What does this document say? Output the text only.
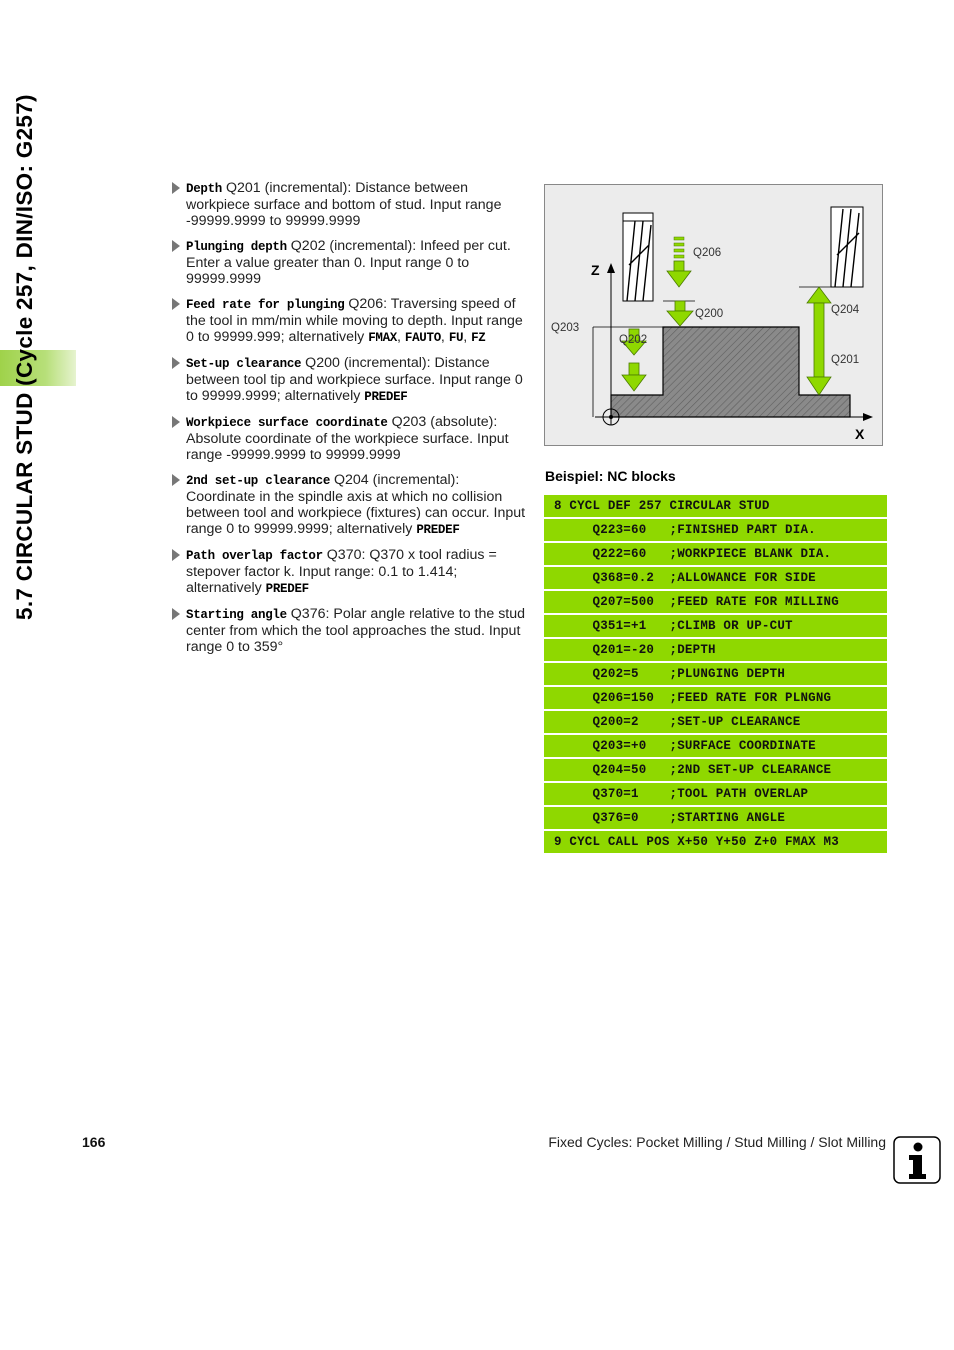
5.7 CIRCULAR STUD (Cycle 257, DIN/ISO: G257)	Depth Q201 (incremental): Distance between workpiece surface and bottom of stud. Input range -99999.9999 to 99999.9999
Plunging depth Q202 (incremental): Infeed per cut. Enter a value greater than 0. Input range 0 to 99999.9999
Feed rate for plunging Q206: Traversing speed of the tool in mm/min while moving to depth. Input range 0 to 99999.999; alternatively FMAX, FAUTO, FU, FZ
Set-up clearance Q200 (incremental): Distance between tool tip and workpiece surface. Input range 0 to 99999.9999; alternatively PREDEF
Workpiece surface coordinate Q203 (absolute): Absolute coordinate of the workpiece surface. Input range -99999.9999 to 99999.9999
2nd set-up clearance Q204 (incremental): Coordinate in the spindle axis at which no collision between tool and workpiece (fixtures) can occur. Input range 0 to 99999.9999; alternatively PREDEF
Path overlap factor Q370: Q370 x tool radius = stepover factor k. Input range: 0.1 to 1.414; alternatively PREDEF
Starting angle Q376: Polar angle relative to the stud center from which the tool approaches the stud. Input range 0 to 359°
Z
X
Q203
Q206
Q200
Q202
Q204
Q201
Beispiel: NC blocks
8 CYCL DEF 257 CIRCULAR STUD
Q223=60   ;FINISHED PART DIA.
Q222=60   ;WORKPIECE BLANK DIA.
Q368=0.2  ;ALLOWANCE FOR SIDE
Q207=500  ;FEED RATE FOR MILLING
Q351=+1   ;CLIMB OR UP-CUT
Q201=-20  ;DEPTH
Q202=5    ;PLUNGING DEPTH
Q206=150  ;FEED RATE FOR PLNGNG
Q200=2    ;SET-UP CLEARANCE
Q203=+0   ;SURFACE COORDINATE
Q204=50   ;2ND SET-UP CLEARANCE
Q370=1    ;TOOL PATH OVERLAP
Q376=0    ;STARTING ANGLE
9 CYCL CALL POS X+50 Y+50 Z+0 FMAX M3
166	Fixed Cycles: Pocket Milling / Stud Milling / Slot Milling
